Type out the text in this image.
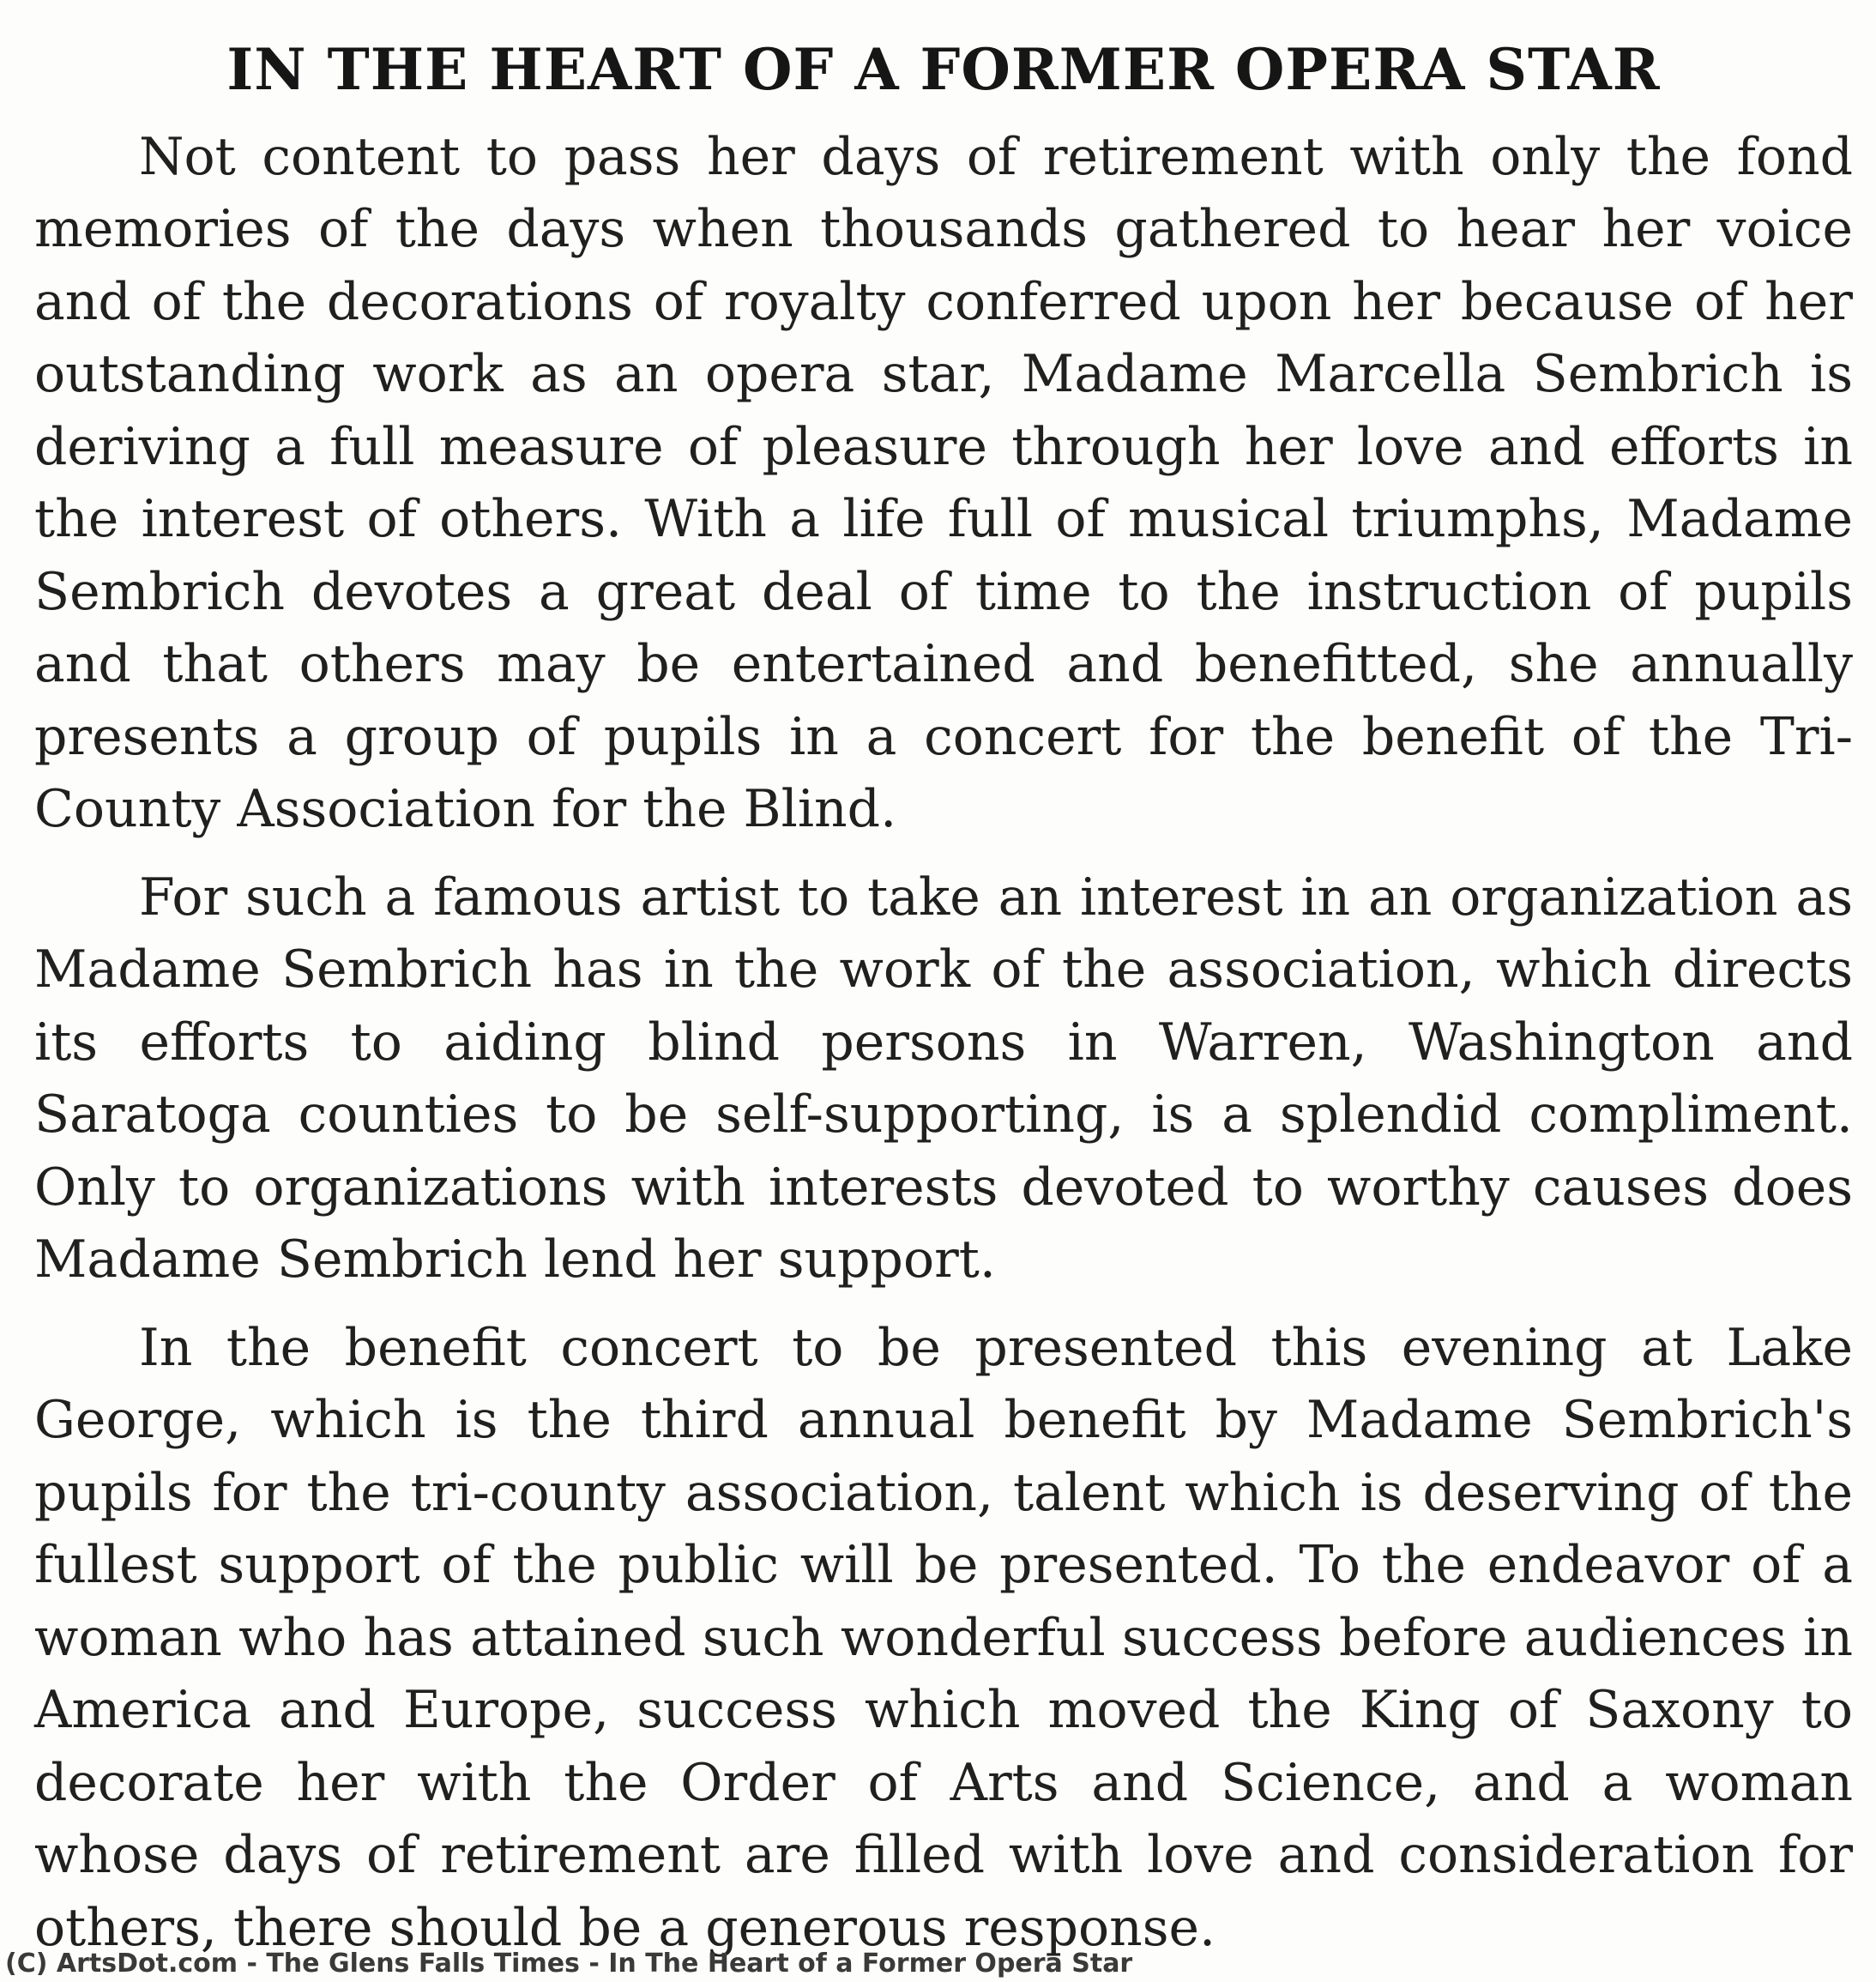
IN THE HEART OF A FORMER OPERA STAR

Not content to pass her days of retirement with only the fond memories of the days when thousands gathered to hear her voice and of the decorations of royalty conferred upon her because of her outstanding work as an opera star, Madame Marcella Sembrich is deriving a full measure of pleasure through her love and efforts in the interest of others. With a life full of musical triumphs, Madame Sembrich devotes a great deal of time to the instruction of pupils and that others may be entertained and benefitted, she annually presents a group of pupils in a concert for the benefit of the Tri-County Association for the Blind.

For such a famous artist to take an interest in an organization as Madame Sembrich has in the work of the association, which directs its efforts to aiding blind persons in Warren, Washington and Saratoga counties to be self-supporting, is a splendid compliment. Only to organizations with interests devoted to worthy causes does Madame Sembrich lend her support.

In the benefit concert to be presented this evening at Lake George, which is the third annual benefit by Madame Sembrich's pupils for the tri-county association, talent which is deserving of the fullest support of the public will be presented. To the endeavor of a woman who has attained such wonderful success before audiences in America and Europe, success which moved the King of Saxony to decorate her with the Order of Arts and Science, and a woman whose days of retirement are filled with love and consideration for others, there should be a generous response.

(C) ArtsDot.com - The Glens Falls Times - In The Heart of a Former Opera Star
